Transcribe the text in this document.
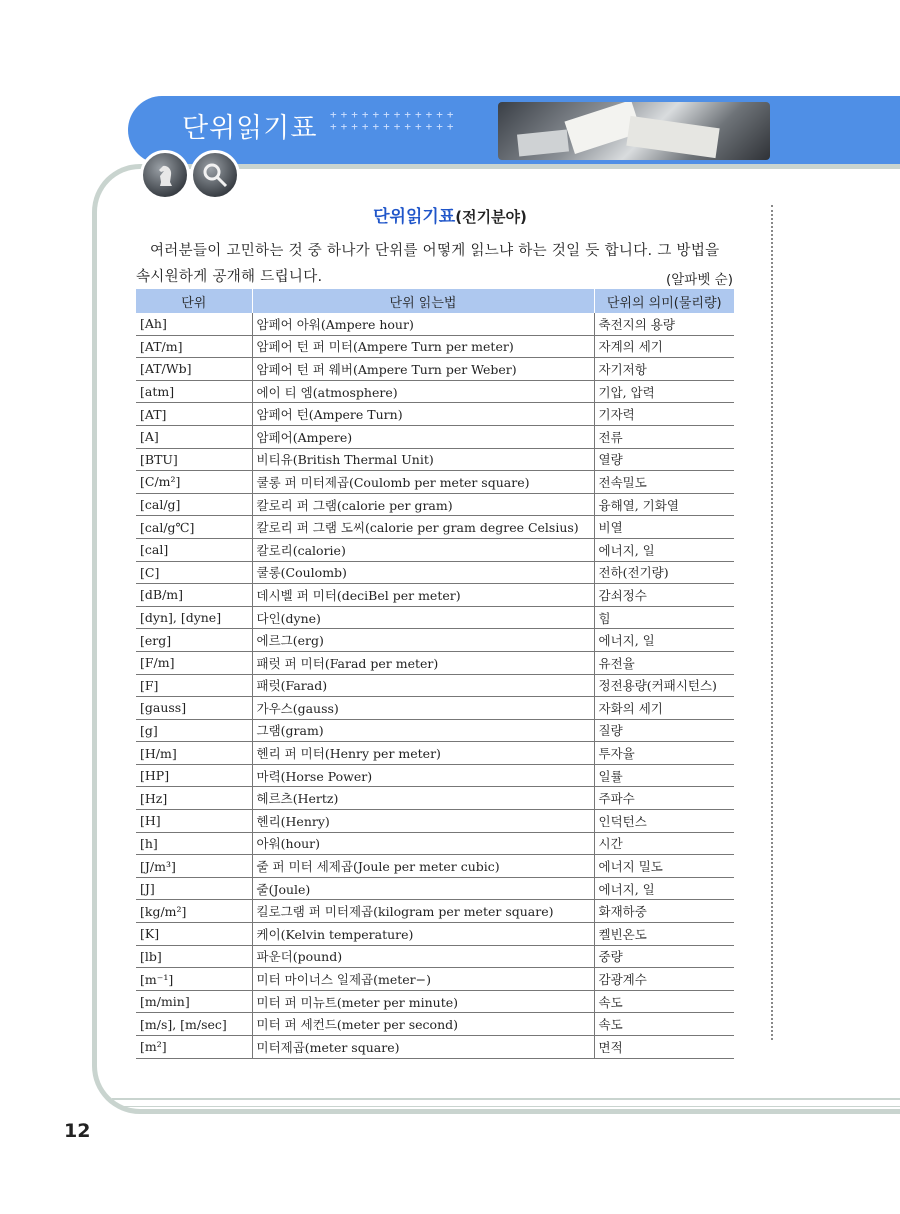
단위읽기표 ++++++++++++
++++++++++++
단위읽기표(전기분야)
여러분들이 고민하는 것 중 하나가 단위를 어떻게 읽느냐 하는 것일 듯 합니다. 그 방법을
속시원하게 공개해 드립니다.	(알파벳 순)
단위	단위 읽는법	단위의 의미(물리량)
[Ah]	암페어 아워(Ampere hour)	축전지의 용량
[AT/m]	암페어 턴 퍼 미터(Ampere Turn per meter)	자계의 세기
[AT/Wb]	암페어 턴 퍼 웨버(Ampere Turn per Weber)	자기저항
[atm]	에이 티 엠(atmosphere)	기압, 압력
[AT]	암페어 턴(Ampere Turn)	기자력
[A]	암페어(Ampere)	전류
[BTU]	비티유(British Thermal Unit)	열량
[C/m²]	쿨롱 퍼 미터제곱(Coulomb per meter square)	전속밀도
[cal/g]	칼로리 퍼 그램(calorie per gram)	융해열, 기화열
[cal/g℃]	칼로리 퍼 그램 도씨(calorie per gram degree Celsius)	비열
[cal]	칼로리(calorie)	에너지, 일
[C]	쿨롱(Coulomb)	전하(전기량)
[dB/m]	데시벨 퍼 미터(deciBel per meter)	감쇠정수
[dyn], [dyne]	다인(dyne)	힘
[erg]	에르그(erg)	에너지, 일
[F/m]	패럿 퍼 미터(Farad per meter)	유전율
[F]	패럿(Farad)	정전용량(커패시턴스)
[gauss]	가우스(gauss)	자화의 세기
[g]	그램(gram)	질량
[H/m]	헨리 퍼 미터(Henry per meter)	투자율
[HP]	마력(Horse Power)	일률
[Hz]	헤르츠(Hertz)	주파수
[H]	헨리(Henry)	인덕턴스
[h]	아워(hour)	시간
[J/m³]	줄 퍼 미터 세제곱(Joule per meter cubic)	에너지 밀도
[J]	줄(Joule)	에너지, 일
[kg/m²]	킬로그램 퍼 미터제곱(kilogram per meter square)	화재하중
[K]	케이(Kelvin temperature)	켈빈온도
[lb]	파운더(pound)	중량
[m⁻¹]	미터 마이너스 일제곱(meter−)	감광계수
[m/min]	미터 퍼 미뉴트(meter per minute)	속도
[m/s], [m/sec]	미터 퍼 세컨드(meter per second)	속도
[m²]	미터제곱(meter square)	면적
12
